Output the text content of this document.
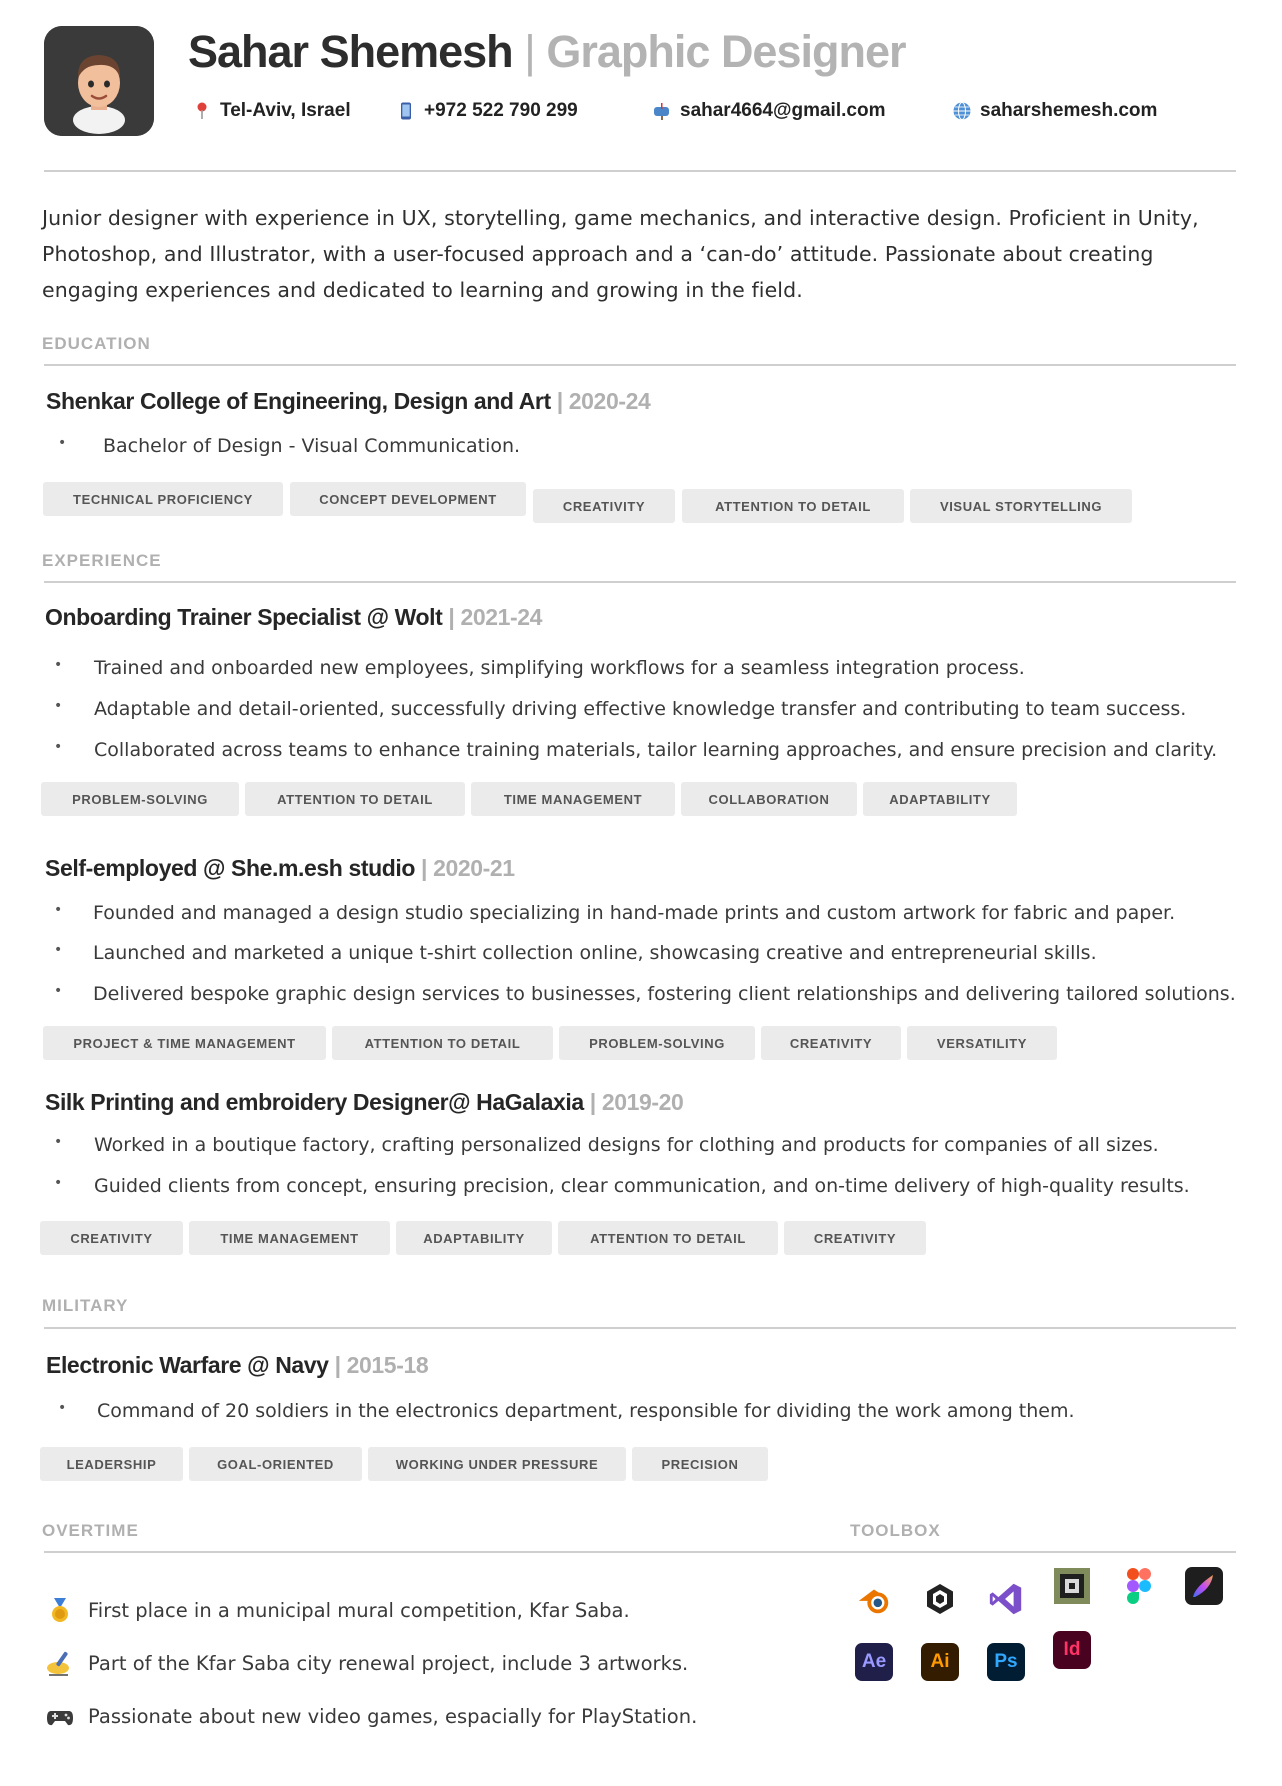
Sahar Shemesh | Graphic Designer
Tel-Aviv, Israel	+972 522 790 299	sahar4664@gmail.com	saharshemesh.com

Junior designer with experience in UX, storytelling, game mechanics, and interactive design. Proficient in Unity, Photoshop, and Illustrator, with a user-focused approach and a ‘can-do’ attitude. Passionate about creating engaging experiences and dedicated to learning and growing in the field.

EDUCATION
Shenkar College of Engineering, Design and Art | 2020-24
• Bachelor of Design - Visual Communication.
TECHNICAL PROFICIENCY	CONCEPT DEVELOPMENT	CREATIVITY	ATTENTION TO DETAIL	VISUAL STORYTELLING
EXPERIENCE
Onboarding Trainer Specialist @ Wolt | 2021-24
• Trained and onboarded new employees, simplifying workflows for a seamless integration process.
• Adaptable and detail-oriented, successfully driving effective knowledge transfer and contributing to team success.
• Collaborated across teams to enhance training materials, tailor learning approaches, and ensure precision and clarity.
PROBLEM-SOLVING	ATTENTION TO DETAIL	TIME MANAGEMENT	COLLABORATION	ADAPTABILITY
Self-employed @ She.m.esh studio | 2020-21
• Founded and managed a design studio specializing in hand-made prints and custom artwork for fabric and paper.
• Launched and marketed a unique t-shirt collection online, showcasing creative and entrepreneurial skills.
• Delivered bespoke graphic design services to businesses, fostering client relationships and delivering tailored solutions.
PROJECT & TIME MANAGEMENT	ATTENTION TO DETAIL	PROBLEM-SOLVING	CREATIVITY	VERSATILITY
Silk Printing and embroidery Designer@ HaGalaxia | 2019-20
• Worked in a boutique factory, crafting personalized designs for clothing and products for companies of all sizes.
• Guided clients from concept, ensuring precision, clear communication, and on-time delivery of high-quality results.
CREATIVITY	TIME MANAGEMENT	ADAPTABILITY	ATTENTION TO DETAIL	CREATIVITY
MILITARY
Electronic Warfare @ Navy | 2015-18
• Command of 20 soldiers in the electronics department, responsible for dividing the work among them.
LEADERSHIP	GOAL-ORIENTED	WORKING UNDER PRESSURE	PRECISION
OVERTIME	TOOLBOX
First place in a municipal mural competition, Kfar Saba.
Part of the Kfar Saba city renewal project, include 3 artworks.
Passionate about new video games, espacially for PlayStation.
Ae	Ai	Ps
Id
